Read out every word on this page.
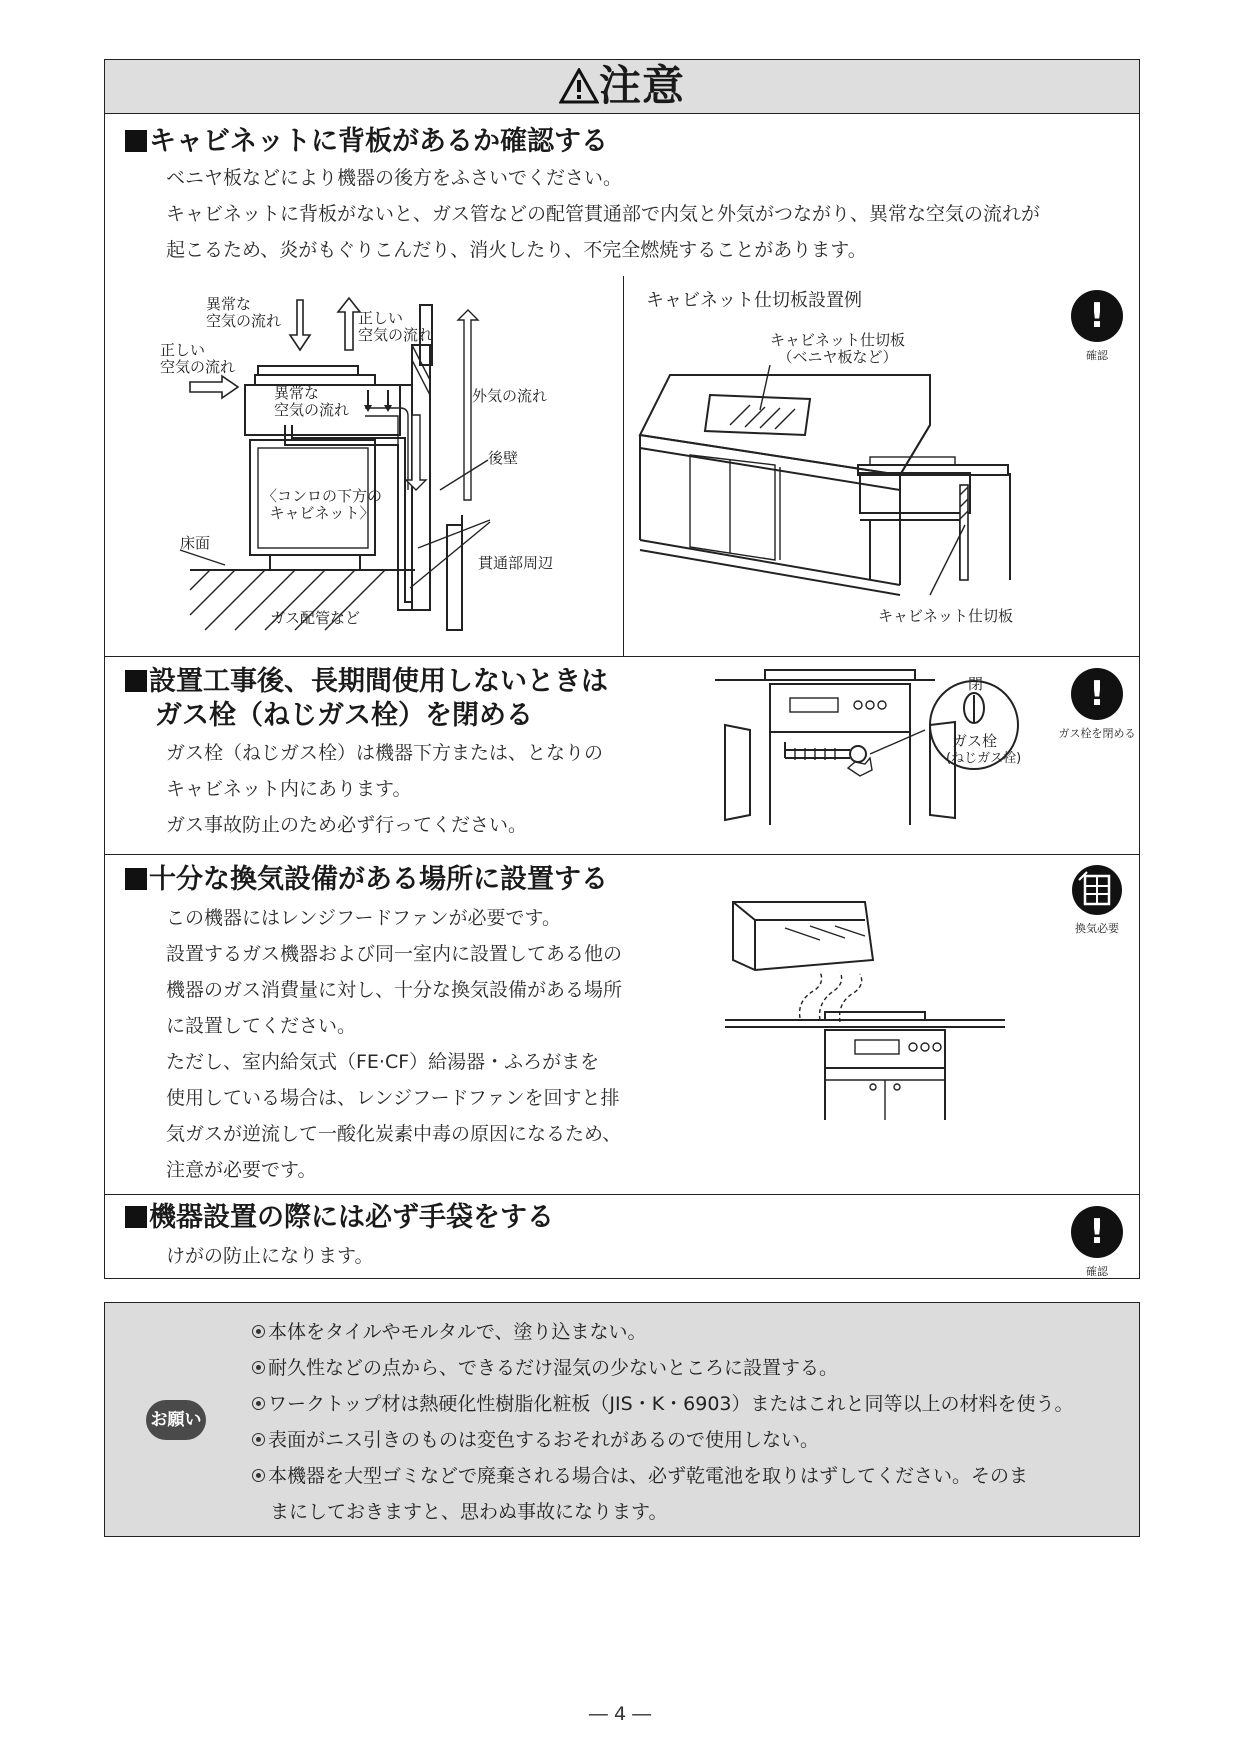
注意
キャビネットに背板があるか確認する
ベニヤ板などにより機器の後方をふさいでください。
キャビネットに背板がないと、ガス管などの配管貫通部で内気と外気がつながり、異常な空気の流れが
起こるため、炎がもぐりこんだり、消火したり、不完全燃焼することがあります。
!
確認
異常な
空気の流れ	正しい
空気の流れ
正しい
空気の流れ
異常な
空気の流れ
外気の流れ
後壁
〈コンロの下方の
キャビネット〉
床面
貫通部周辺
ガス配管など
キャビネット仕切板設置例
キャビネット仕切板
（ベニヤ板など）
キャビネット仕切板
設置工事後、長期間使用しないときは
ガス栓（ねじガス栓）を閉める
ガス栓（ねじガス栓）は機器下方または、となりの
キャビネット内にあります。
ガス事故防止のため必ず行ってください。
閉
ガス栓
(ねじガス栓)
!
ガス栓を閉める
十分な換気設備がある場所に設置する
この機器にはレンジフードファンが必要です。
設置するガス機器および同一室内に設置してある他の
機器のガス消費量に対し、十分な換気設備がある場所
に設置してください。
ただし、室内給気式（FE·CF）給湯器・ふろがまを
使用している場合は、レンジフードファンを回すと排
気ガスが逆流して一酸化炭素中毒の原因になるため、
注意が必要です。
換気必要
機器設置の際には必ず手袋をする
けがの防止になります。
!
確認
お願い
本体をタイルやモルタルで、塗り込まない。
耐久性などの点から、できるだけ湿気の少ないところに設置する。
ワークトップ材は熱硬化性樹脂化粧板（JIS・K・6903）またはこれと同等以上の材料を使う。
表面がニス引きのものは変色するおそれがあるので使用しない。
本機器を大型ゴミなどで廃棄される場合は、必ず乾電池を取りはずしてください。そのま
まにしておきますと、思わぬ事故になります。
― 4 ―
